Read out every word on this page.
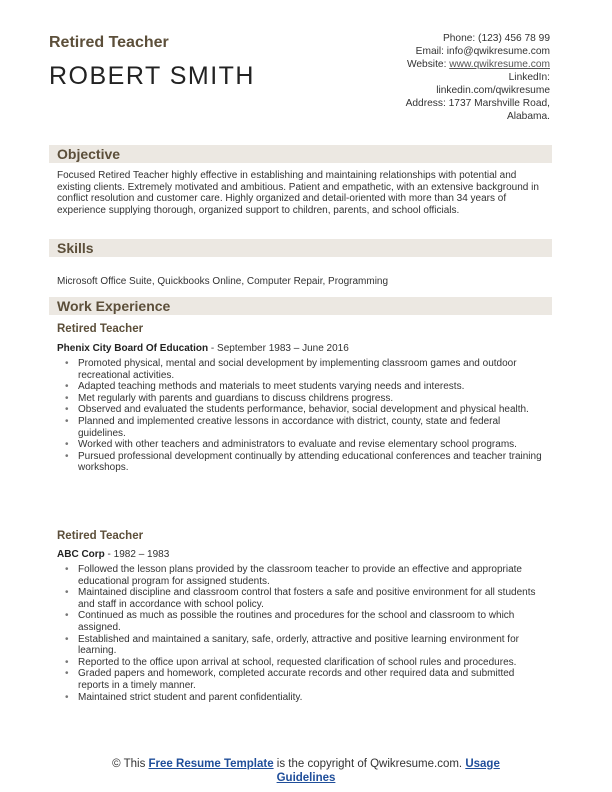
Retired Teacher
ROBERT SMITH
Phone: (123) 456 78 99
Email: info@qwikresume.com
Website: www.qwikresume.com
LinkedIn:
linkedin.com/qwikresume
Address: 1737 Marshville Road,
Alabama.
Objective
Focused Retired Teacher highly effective in establishing and maintaining relationships with potential and existing clients. Extremely motivated and ambitious. Patient and empathetic, with an extensive background in conflict resolution and customer care. Highly organized and detail-oriented with more than 34 years of experience supplying thorough, organized support to children, parents, and school officials.
Skills
Microsoft Office Suite, Quickbooks Online, Computer Repair, Programming
Work Experience
Retired Teacher
Phenix City Board Of Education - September 1983 – June 2016
• Promoted physical, mental and social development by implementing classroom games and outdoor recreational activities.
• Adapted teaching methods and materials to meet students varying needs and interests.
• Met regularly with parents and guardians to discuss childrens progress.
• Observed and evaluated the students performance, behavior, social development and physical health.
• Planned and implemented creative lessons in accordance with district, county, state and federal guidelines.
• Worked with other teachers and administrators to evaluate and revise elementary school programs.
• Pursued professional development continually by attending educational conferences and teacher training workshops.
Retired Teacher
ABC Corp - 1982 – 1983
• Followed the lesson plans provided by the classroom teacher to provide an effective and appropriate educational program for assigned students.
• Maintained discipline and classroom control that fosters a safe and positive environment for all students and staff in accordance with school policy.
• Continued as much as possible the routines and procedures for the school and classroom to which assigned.
• Established and maintained a sanitary, safe, orderly, attractive and positive learning environment for learning.
• Reported to the office upon arrival at school, requested clarification of school rules and procedures.
• Graded papers and homework, completed accurate records and other required data and submitted reports in a timely manner.
• Maintained strict student and parent confidentiality.
© This Free Resume Template is the copyright of Qwikresume.com. Usage
Guidelines
